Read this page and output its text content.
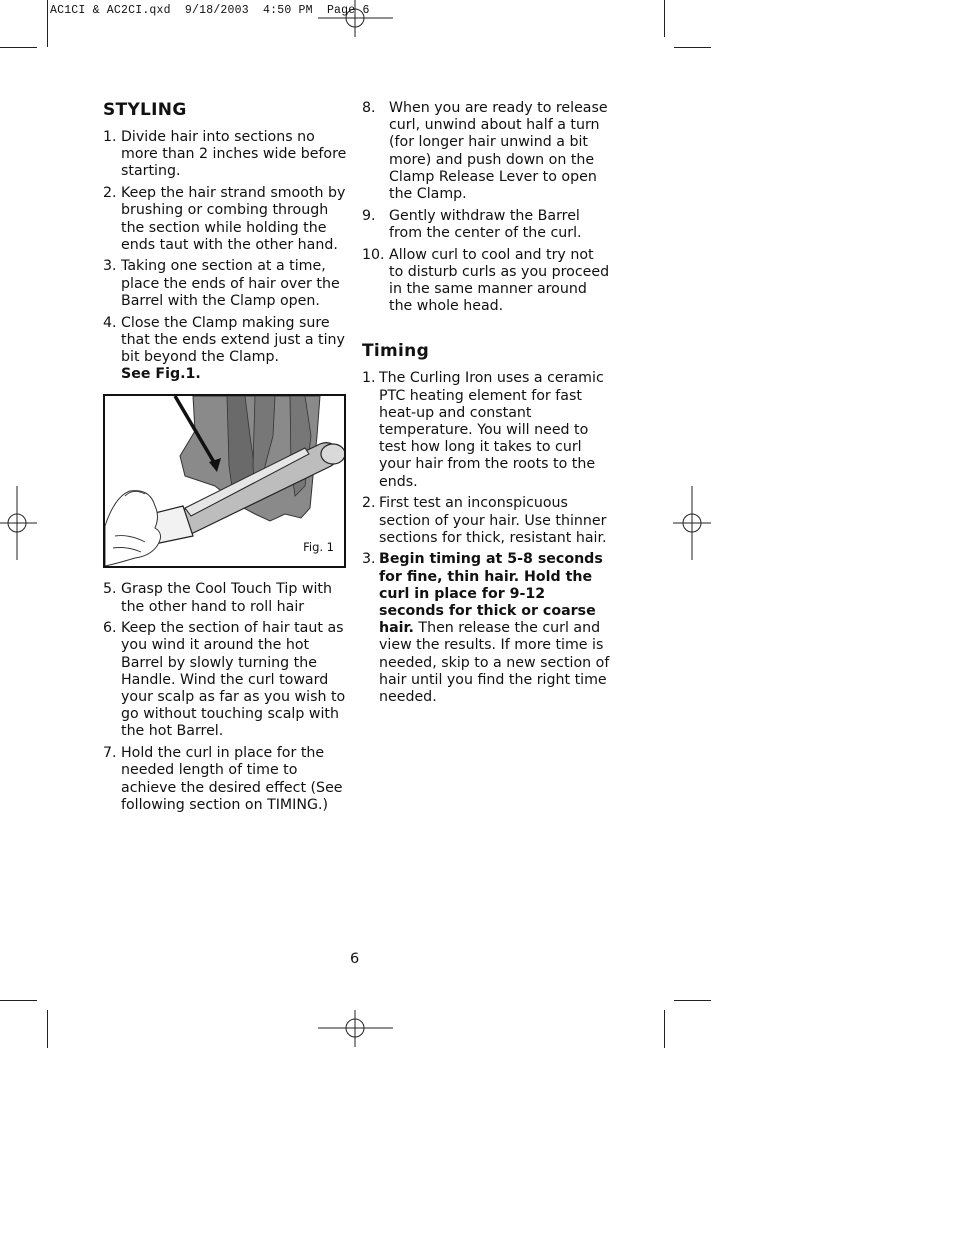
AC1CI & AC2CI.qxd  9/18/2003  4:50 PM  Page 6
STYLING
1. Divide hair into sections no more than 2 inches wide before starting.
2. Keep the hair strand smooth by brushing or combing through the section while holding the ends taut with the other hand.
3. Taking one section at a time, place the ends of hair over the Barrel with the Clamp open.
4. Close the Clamp making sure that the ends extend just a tiny bit beyond the Clamp.
See Fig.1.
Fig. 1
5. Grasp the Cool Touch Tip with the other hand to roll hair
6. Keep the section of hair taut as you wind it around the hot Barrel by slowly turning the Handle. Wind the curl toward your scalp as far as you wish to go without touching scalp with the hot Barrel.
7. Hold the curl in place for the needed length of time to achieve the desired effect (See following section on TIMING.)
8. When you are ready to release curl, unwind about half a turn (for longer hair unwind a bit more) and push down on the Clamp Release Lever to open the Clamp.
9. Gently withdraw the Barrel from the center of the curl.
10. Allow curl to cool and try not to disturb curls as you proceed in the same manner around the whole head.
Timing
1. The Curling Iron uses a ceramic PTC heating element for fast heat-up and constant temperature. You will need to test how long it takes to curl your hair from the roots to the ends.
2. First test an inconspicuous section of your hair. Use thinner sections for thick, resistant hair.
3. Begin timing at 5-8 seconds for fine, thin hair. Hold the curl in place for 9-12 seconds for thick or coarse hair. Then release the curl and view the results. If more time is needed, skip to a new section of hair until you find the right time needed.
6
